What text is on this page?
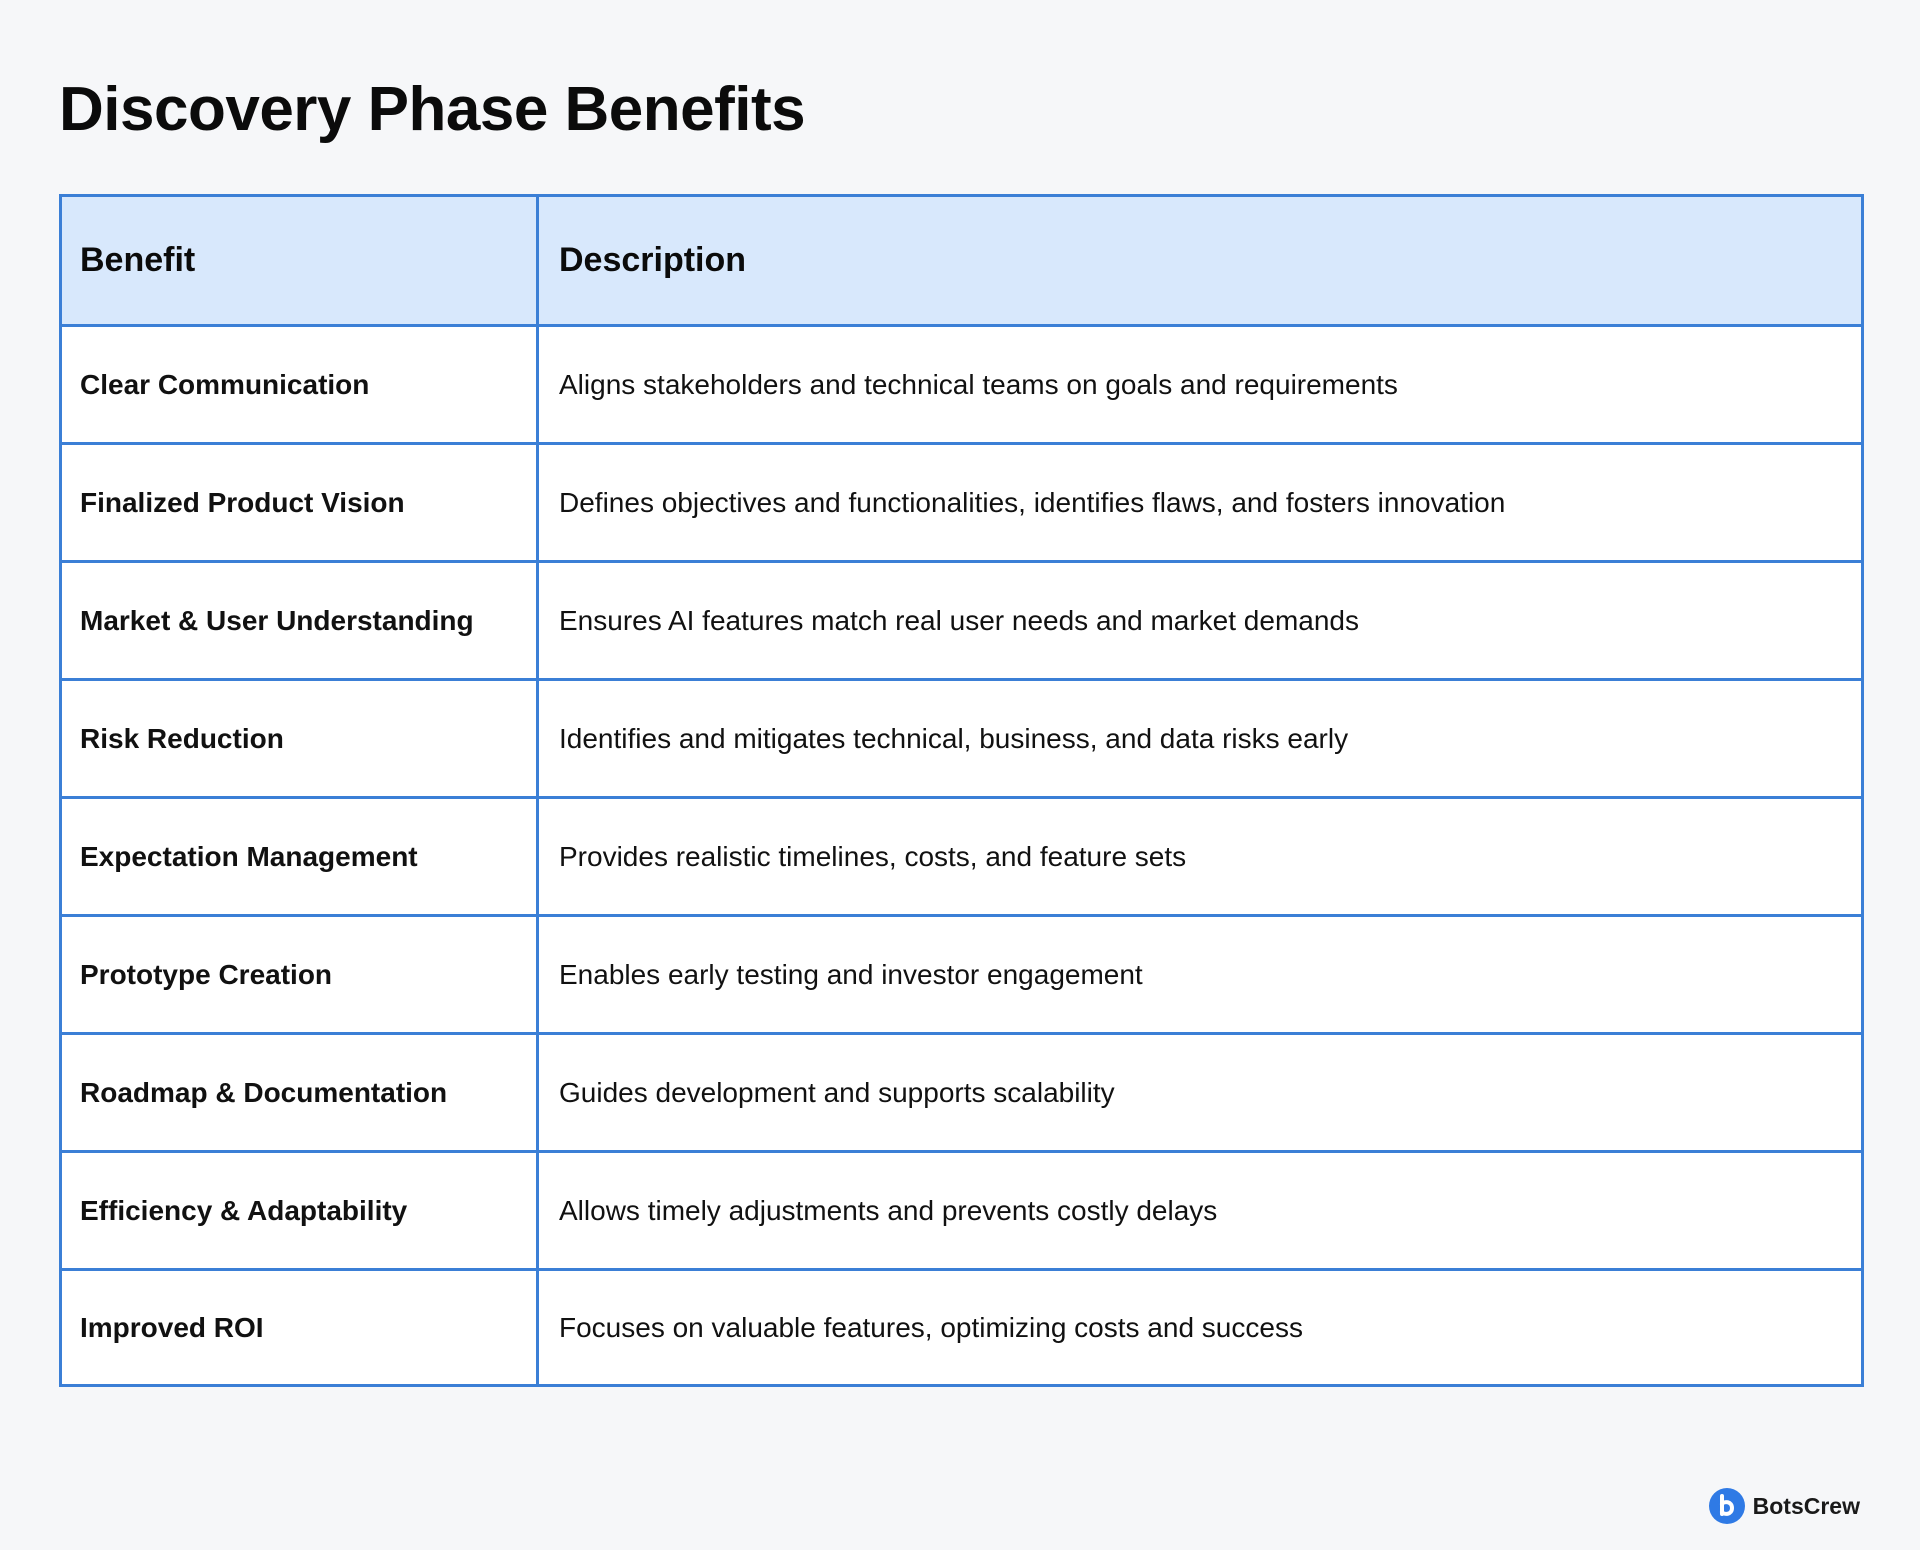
Discovery Phase Benefits
Benefit	Description
Clear Communication	Aligns stakeholders and technical teams on goals and requirements
Finalized Product Vision	Defines objectives and functionalities, identifies flaws, and fosters innovation
Market & User Understanding	Ensures AI features match real user needs and market demands
Risk Reduction	Identifies and mitigates technical, business, and data risks early
Expectation Management	Provides realistic timelines, costs, and feature sets
Prototype Creation	Enables early testing and investor engagement
Roadmap & Documentation	Guides development and supports scalability
Efficiency & Adaptability	Allows timely adjustments and prevents costly delays
Improved ROI	Focuses on valuable features, optimizing costs and success
BotsCrew
